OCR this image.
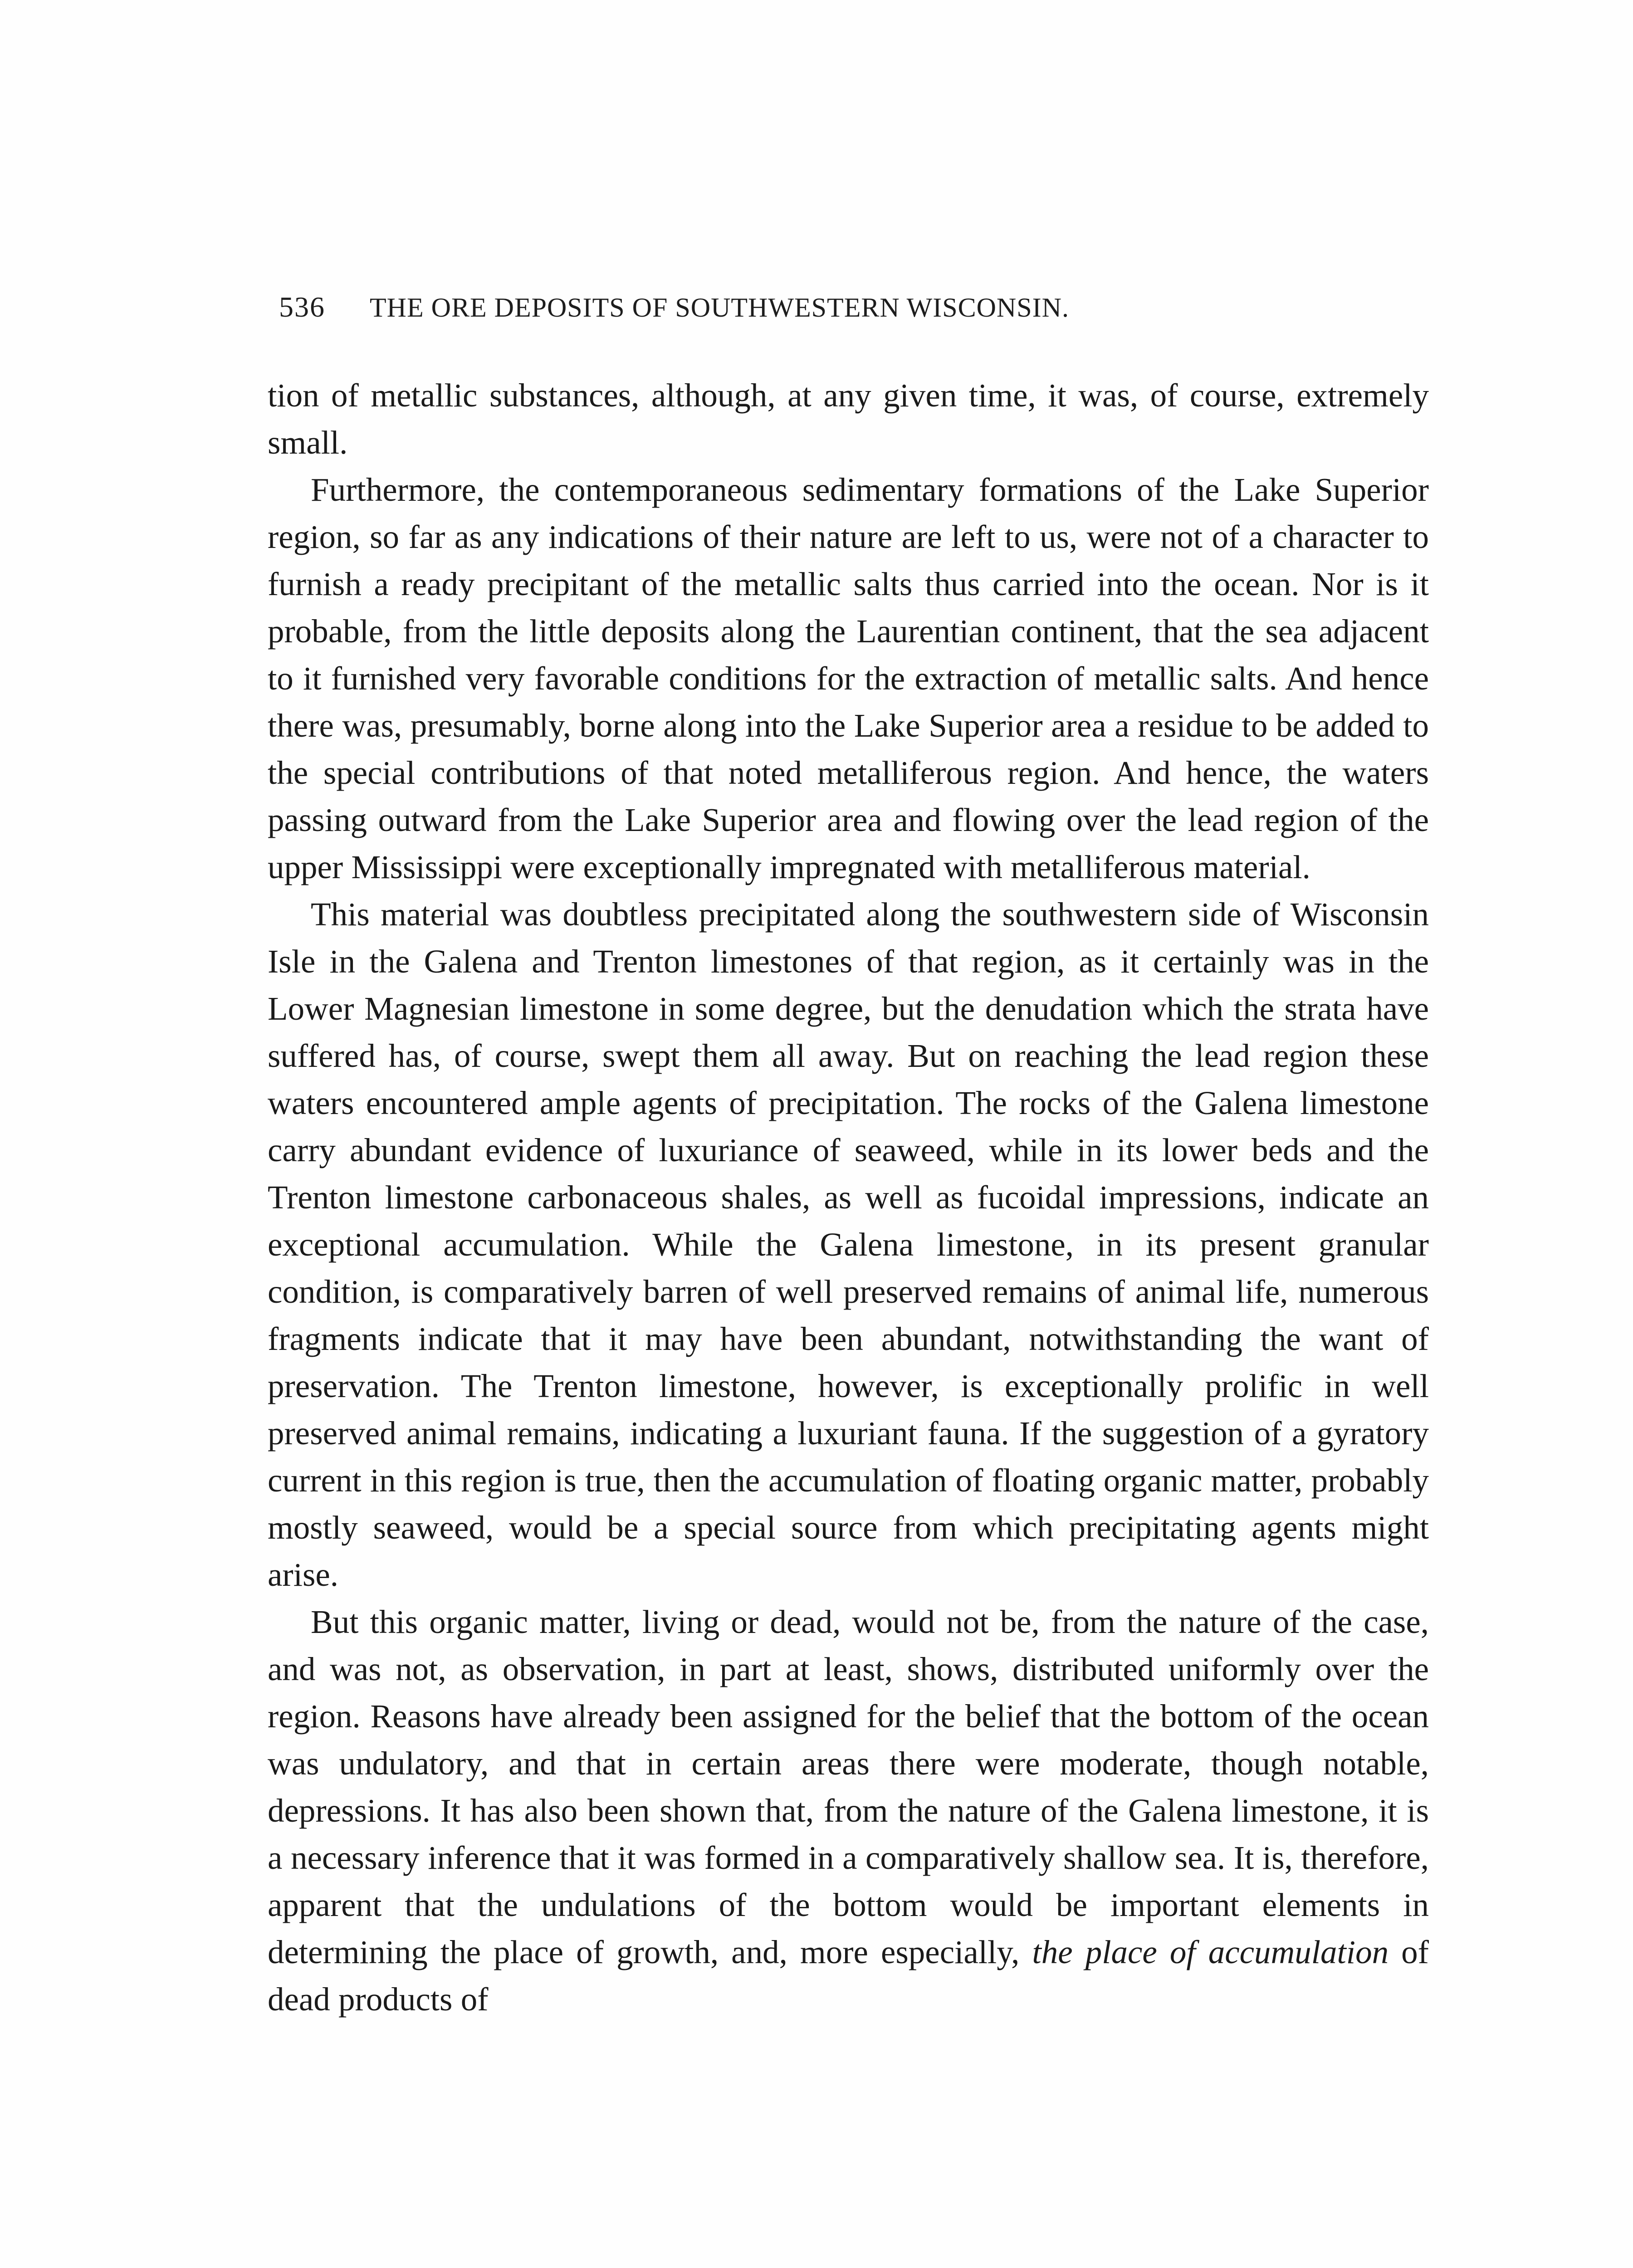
536 THE ORE DEPOSITS OF SOUTHWESTERN WISCONSIN.

tion of metallic substances, although, at any given time, it was, of course, extremely small.

Furthermore, the contemporaneous sedimentary formations of the Lake Superior region, so far as any indications of their nature are left to us, were not of a character to furnish a ready precipitant of the metallic salts thus carried into the ocean. Nor is it probable, from the little deposits along the Laurentian continent, that the sea adjacent to it furnished very favorable conditions for the extraction of metallic salts. And hence there was, presumably, borne along into the Lake Superior area a residue to be added to the special contributions of that noted metalliferous region. And hence, the waters passing outward from the Lake Superior area and flowing over the lead region of the upper Mississippi were exceptionally impregnated with metalliferous material.

This material was doubtless precipitated along the southwestern side of Wisconsin Isle in the Galena and Trenton limestones of that region, as it certainly was in the Lower Magnesian limestone in some degree, but the denudation which the strata have suffered has, of course, swept them all away. But on reaching the lead region these waters encountered ample agents of precipitation. The rocks of the Galena limestone carry abundant evidence of luxuriance of seaweed, while in its lower beds and the Trenton limestone carbonaceous shales, as well as fucoidal impressions, indicate an exceptional accumulation. While the Galena limestone, in its present granular condition, is comparatively barren of well preserved remains of animal life, numerous fragments indicate that it may have been abundant, notwithstanding the want of preservation. The Trenton limestone, however, is exceptionally prolific in well preserved animal remains, indicating a luxuriant fauna. If the suggestion of a gyratory current in this region is true, then the accumulation of floating organic matter, probably mostly seaweed, would be a special source from which precipitating agents might arise.

But this organic matter, living or dead, would not be, from the nature of the case, and was not, as observation, in part at least, shows, distributed uniformly over the region. Reasons have already been assigned for the belief that the bottom of the ocean was undulatory, and that in certain areas there were moderate, though notable, depressions. It has also been shown that, from the nature of the Galena limestone, it is a necessary inference that it was formed in a comparatively shallow sea. It is, therefore, apparent that the undulations of the bottom would be important elements in determining the place of growth, and, more especially, the place of accumulation of dead products of
